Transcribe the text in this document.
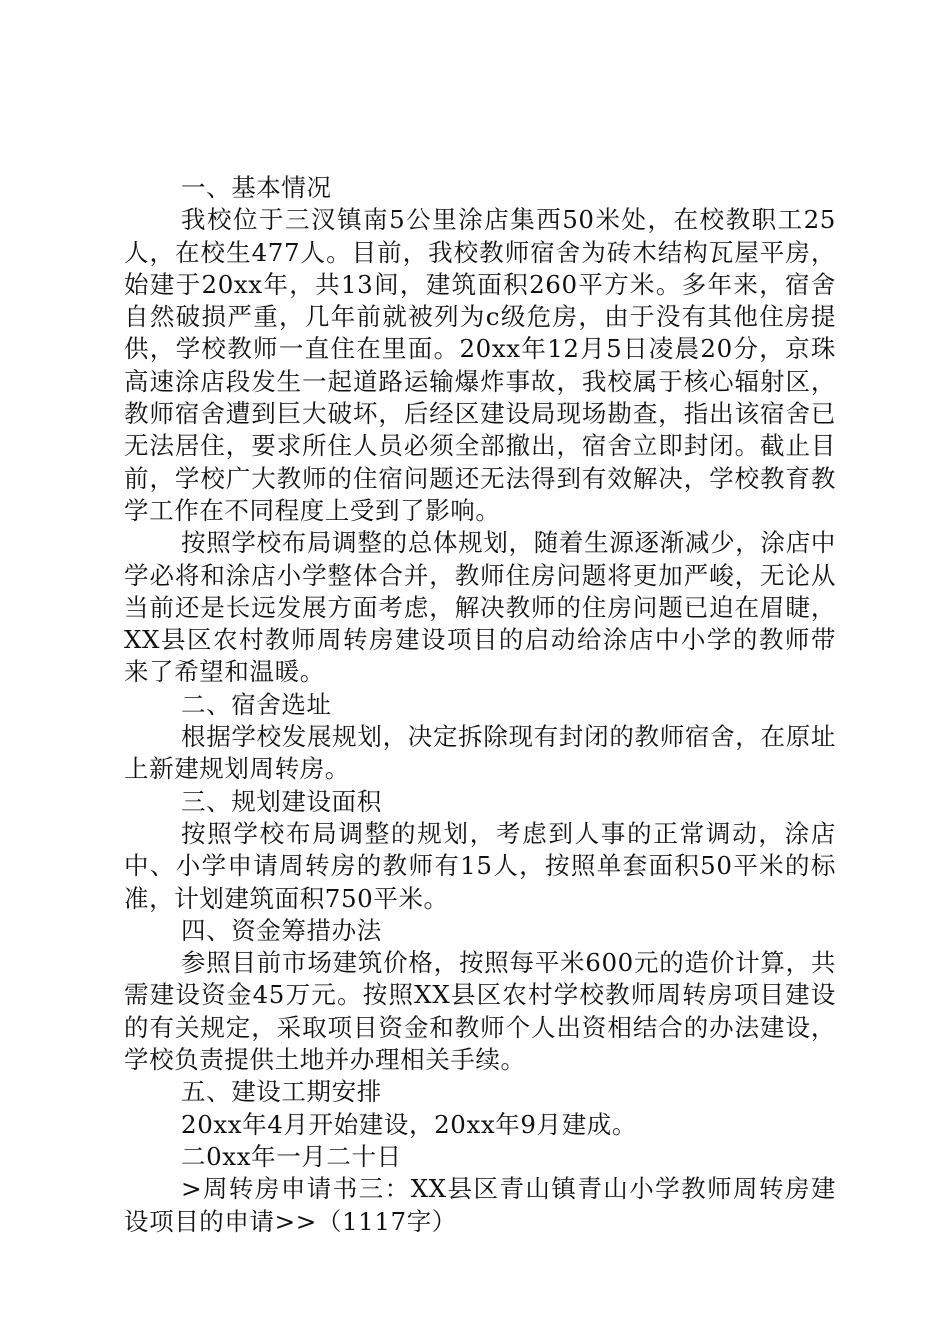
一、基本情况

我校位于三汊镇南5公里涂店集西50米处，在校教职工25人，在校生477人。目前，我校教师宿舍为砖木结构瓦屋平房，始建于20xx年，共13间，建筑面积260平方米。多年来，宿舍自然破损严重，几年前就被列为c级危房，由于没有其他住房提供，学校教师一直住在里面。20xx年12月5日凌晨20分，京珠高速涂店段发生一起道路运输爆炸事故，我校属于核心辐射区，教师宿舍遭到巨大破坏，后经区建设局现场勘查，指出该宿舍已无法居住，要求所住人员必须全部撤出，宿舍立即封闭。截止目前，学校广大教师的住宿问题还无法得到有效解决，学校教育教学工作在不同程度上受到了影响。

按照学校布局调整的总体规划，随着生源逐渐减少，涂店中学必将和涂店小学整体合并，教师住房问题将更加严峻，无论从当前还是长远发展方面考虑，解决教师的住房问题已迫在眉睫，XX县区农村教师周转房建设项目的启动给涂店中小学的教师带来了希望和温暖。

二、宿舍选址

根据学校发展规划，决定拆除现有封闭的教师宿舍，在原址上新建规划周转房。

三、规划建设面积

按照学校布局调整的规划，考虑到人事的正常调动，涂店中、小学申请周转房的教师有15人，按照单套面积50平米的标准，计划建筑面积750平米。

四、资金筹措办法

参照目前市场建筑价格，按照每平米600元的造价计算，共需建设资金45万元。按照XX县区农村学校教师周转房项目建设的有关规定，采取项目资金和教师个人出资相结合的办法建设，学校负责提供土地并办理相关手续。

五、建设工期安排

20xx年4月开始建设，20xx年9月建成。

二0xx年一月二十日

>周转房申请书三：XX县区青山镇青山小学教师周转房建设项目的申请>>（1117字）
